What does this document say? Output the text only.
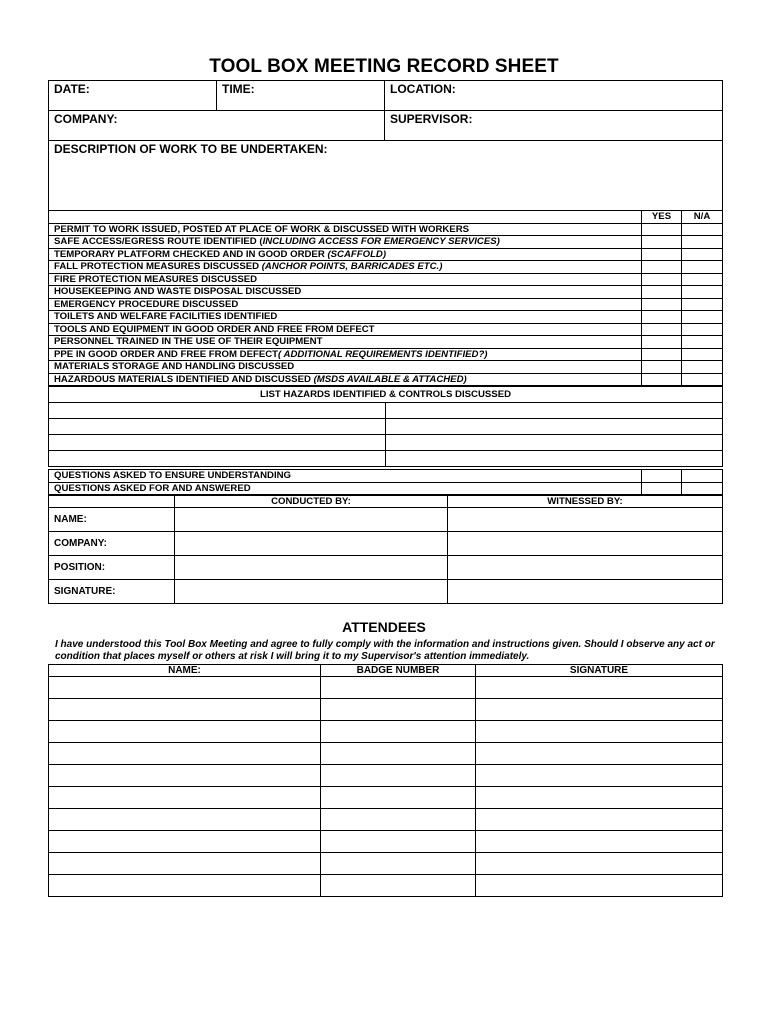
TOOL BOX MEETING RECORD SHEET
DATE:	TIME:	LOCATION:
COMPANY:		SUPERVISOR:
DESCRIPTION OF WORK TO BE UNDERTAKEN:		
	YES	N/A
PERMIT TO WORK ISSUED, POSTED AT PLACE OF WORK & DISCUSSED WITH WORKERS		
SAFE ACCESS/EGRESS ROUTE IDENTIFIED (INCLUDING ACCESS FOR EMERGENCY SERVICES)		
TEMPORARY PLATFORM CHECKED AND IN GOOD ORDER (SCAFFOLD)		
FALL PROTECTION MEASURES DISCUSSED (ANCHOR POINTS, BARRICADES ETC.)		
FIRE PROTECTION MEASURES DISCUSSED		
HOUSEKEEPING AND WASTE DISPOSAL DISCUSSED		
EMERGENCY PROCEDURE DISCUSSED		
TOILETS AND WELFARE FACILITIES IDENTIFIED		
TOOLS AND EQUIPMENT IN GOOD ORDER AND FREE FROM DEFECT		
PERSONNEL TRAINED IN THE USE OF THEIR EQUIPMENT		
PPE IN GOOD ORDER AND FREE FROM DEFECT( ADDITIONAL REQUIREMENTS IDENTIFIED?)		
MATERIALS STORAGE AND HANDLING DISCUSSED		
HAZARDOUS MATERIALS IDENTIFIED AND DISCUSSED (MSDS AVAILABLE & ATTACHED)		
LIST HAZARDS IDENTIFIED & CONTROLS DISCUSSED	

QUESTIONS ASKED TO ENSURE UNDERSTANDING		
QUESTIONS ASKED FOR AND ANSWERED		
	CONDUCTED BY:	WITNESSED BY:
NAME:		
COMPANY:		
POSITION:		
SIGNATURE:		
ATTENDEES
I have understood this Tool Box Meeting and agree to fully comply with the information and instructions given. Should I observe any act or condition that places myself or others at risk I will bring it to my Supervisor's attention immediately.
NAME:	BADGE NUMBER	SIGNATURE
